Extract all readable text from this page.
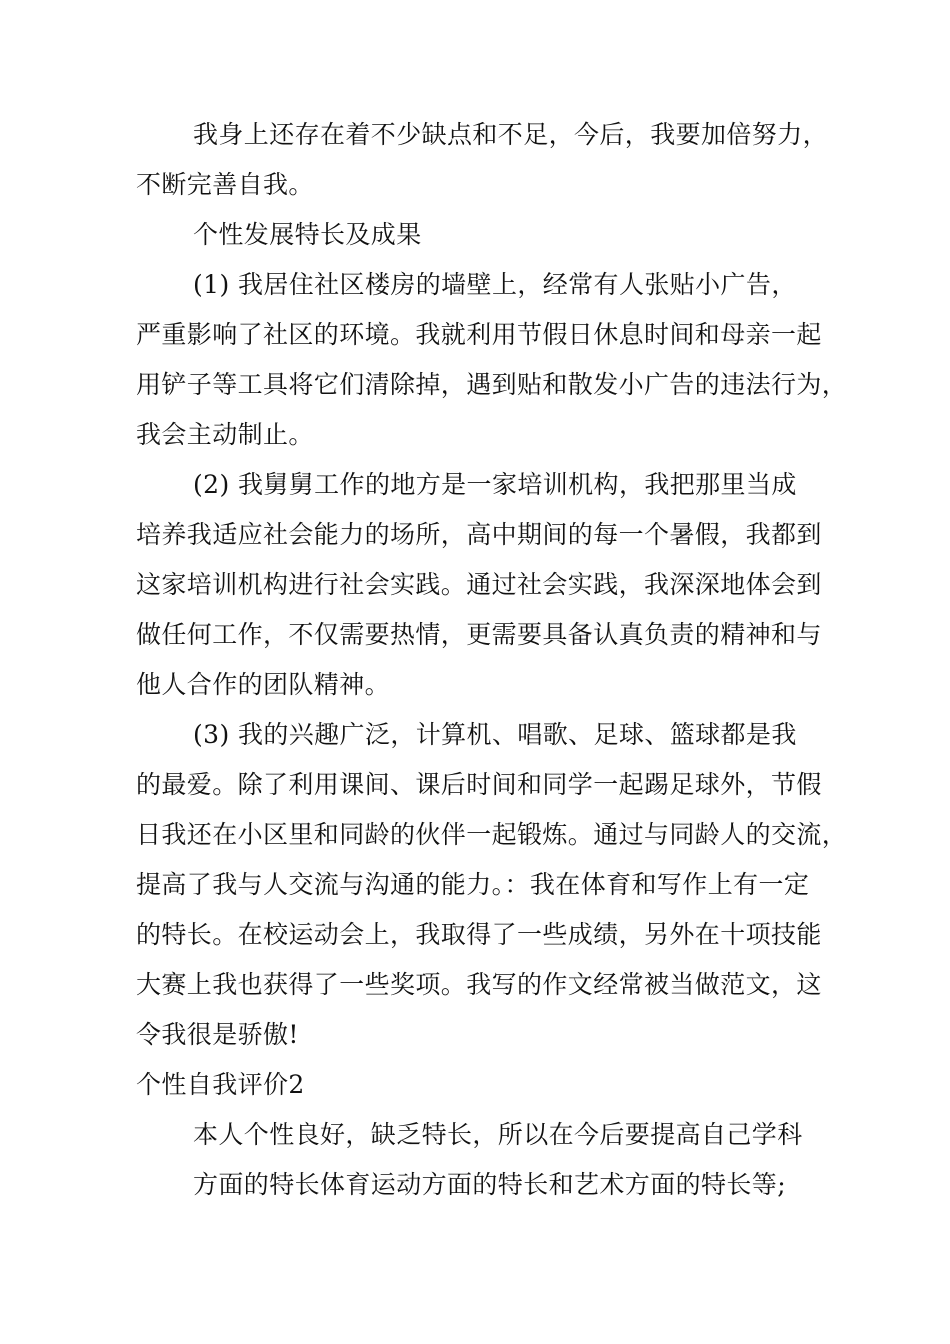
我身上还存在着不少缺点和不足，今后，我要加倍努力，
不断完善自我。
个性发展特长及成果
(1) 我居住社区楼房的墙壁上，经常有人张贴小广告，
严重影响了社区的环境。我就利用节假日休息时间和母亲一起
用铲子等工具将它们清除掉，遇到贴和散发小广告的违法行为，
我会主动制止。
(2) 我舅舅工作的地方是一家培训机构，我把那里当成
培养我适应社会能力的场所，高中期间的每一个暑假，我都到
这家培训机构进行社会实践。通过社会实践，我深深地体会到
做任何工作，不仅需要热情，更需要具备认真负责的精神和与
他人合作的团队精神。
(3) 我的兴趣广泛，计算机、唱歌、足球、篮球都是我
的最爱。除了利用课间、课后时间和同学一起踢足球外，节假
日我还在小区里和同龄的伙伴一起锻炼。通过与同龄人的交流，
提高了我与人交流与沟通的能力。：我在体育和写作上有一定
的特长。在校运动会上，我取得了一些成绩，另外在十项技能
大赛上我也获得了一些奖项。我写的作文经常被当做范文，这
令我很是骄傲!
个性自我评价2
本人个性良好，缺乏特长，所以在今后要提高自己学科
方面的特长体育运动方面的特长和艺术方面的特长等;
